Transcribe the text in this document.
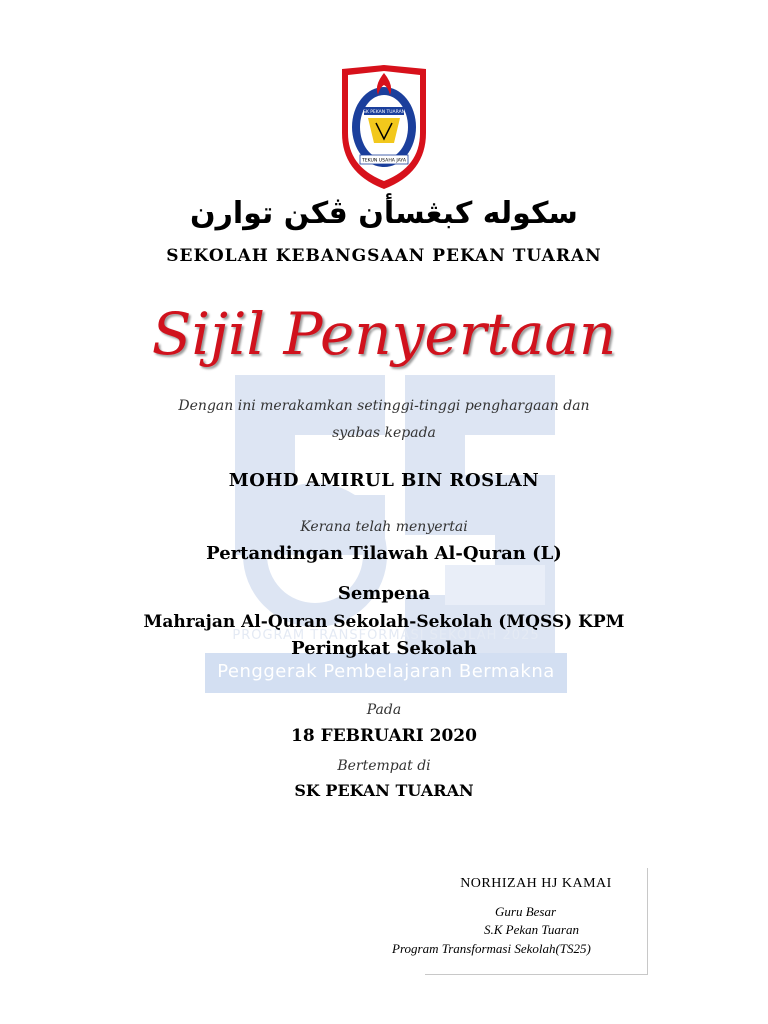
PROGRAM TRANSFORMASI SEKOLAH 2025
Penggerak Pembelajaran Bermakna
SK PEKAN TUARAN
TEKUN USAHA JAYA
سکوله کبڠسأن ڤکن توارن
SEKOLAH KEBANGSAAN PEKAN TUARAN
Sijil Penyertaan
Dengan ini merakamkan setinggi-tinggi penghargaan dan
syabas kepada
MOHD AMIRUL BIN ROSLAN
Kerana telah menyertai
Pertandingan Tilawah Al-Quran (L)
Sempena
Mahrajan Al-Quran Sekolah-Sekolah (MQSS) KPM
Peringkat Sekolah
Pada
18 FEBRUARI 2020
Bertempat di
SK PEKAN TUARAN
NORHIZAH HJ KAMAI
Guru Besar
S.K Pekan Tuaran
Program Transformasi Sekolah(TS25)
